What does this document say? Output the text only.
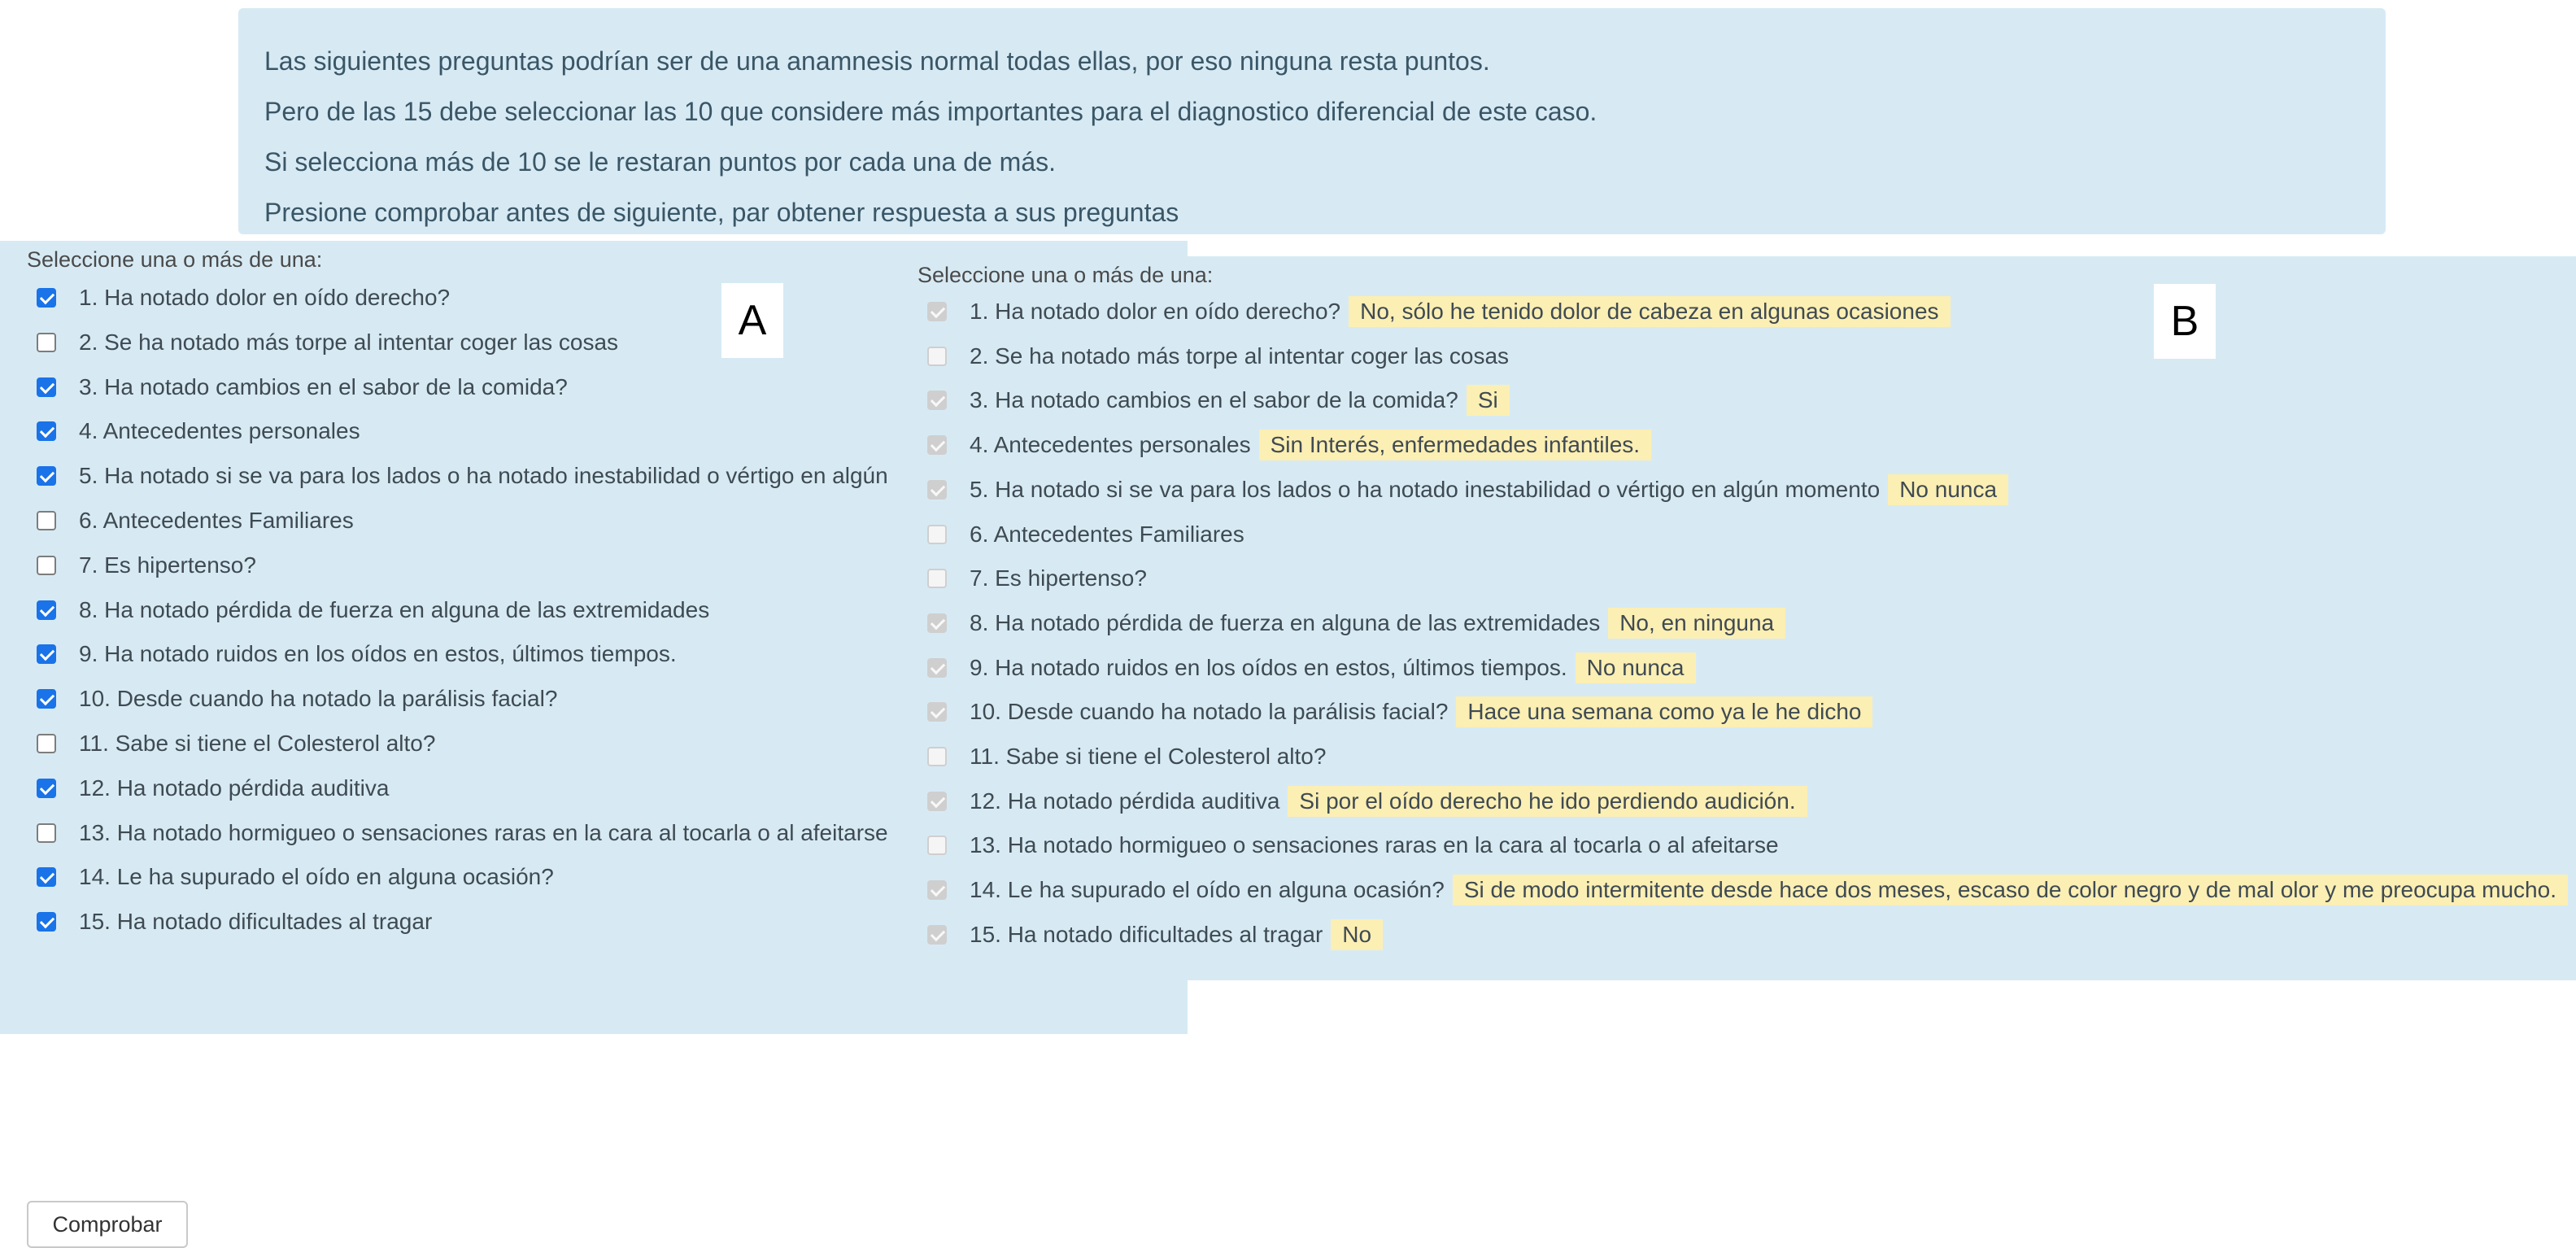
Las siguientes preguntas podrían ser de una anamnesis normal todas ellas, por eso ninguna resta puntos.
Pero de las 15 debe seleccionar las 10 que considere más importantes para el diagnostico diferencial de este caso.
Si selecciona más de 10 se le restaran puntos por cada una de más.
Presione comprobar antes de siguiente, par obtener respuesta a sus preguntas
Seleccione una o más de una:
1. Ha notado dolor en oído derecho?
2. Se ha notado más torpe al intentar coger las cosas
3. Ha notado cambios en el sabor de la comida?
4. Antecedentes personales
5. Ha notado si se va para los lados o ha notado inestabilidad o vértigo en algún
6. Antecedentes Familiares
7. Es hipertenso?
8. Ha notado pérdida de fuerza en alguna de las extremidades
9. Ha notado ruidos en los oídos en estos, últimos tiempos.
10. Desde cuando ha notado la parálisis facial?
11. Sabe si tiene el Colesterol alto?
12. Ha notado pérdida auditiva
13. Ha notado hormigueo o sensaciones raras en la cara al tocarla o al afeitarse
14. Le ha supurado el oído en alguna ocasión?
15. Ha notado dificultades al tragar
Comprobar
Seleccione una o más de una:
1. Ha notado dolor en oído derecho? No, sólo he tenido dolor de cabeza en algunas ocasiones
2. Se ha notado más torpe al intentar coger las cosas
3. Ha notado cambios en el sabor de la comida? Si
4. Antecedentes personales Sin Interés, enfermedades infantiles.
5. Ha notado si se va para los lados o ha notado inestabilidad o vértigo en algún momento No nunca
6. Antecedentes Familiares
7. Es hipertenso?
8. Ha notado pérdida de fuerza en alguna de las extremidades No, en ninguna
9. Ha notado ruidos en los oídos en estos, últimos tiempos. No nunca
10. Desde cuando ha notado la parálisis facial? Hace una semana como ya le he dicho
11. Sabe si tiene el Colesterol alto?
12. Ha notado pérdida auditiva Si por el oído derecho he ido perdiendo audición.
13. Ha notado hormigueo o sensaciones raras en la cara al tocarla o al afeitarse
14. Le ha supurado el oído en alguna ocasión? Si de modo intermitente desde hace dos meses, escaso de color negro y de mal olor y me preocupa mucho.
15. Ha notado dificultades al tragar No
A	B
